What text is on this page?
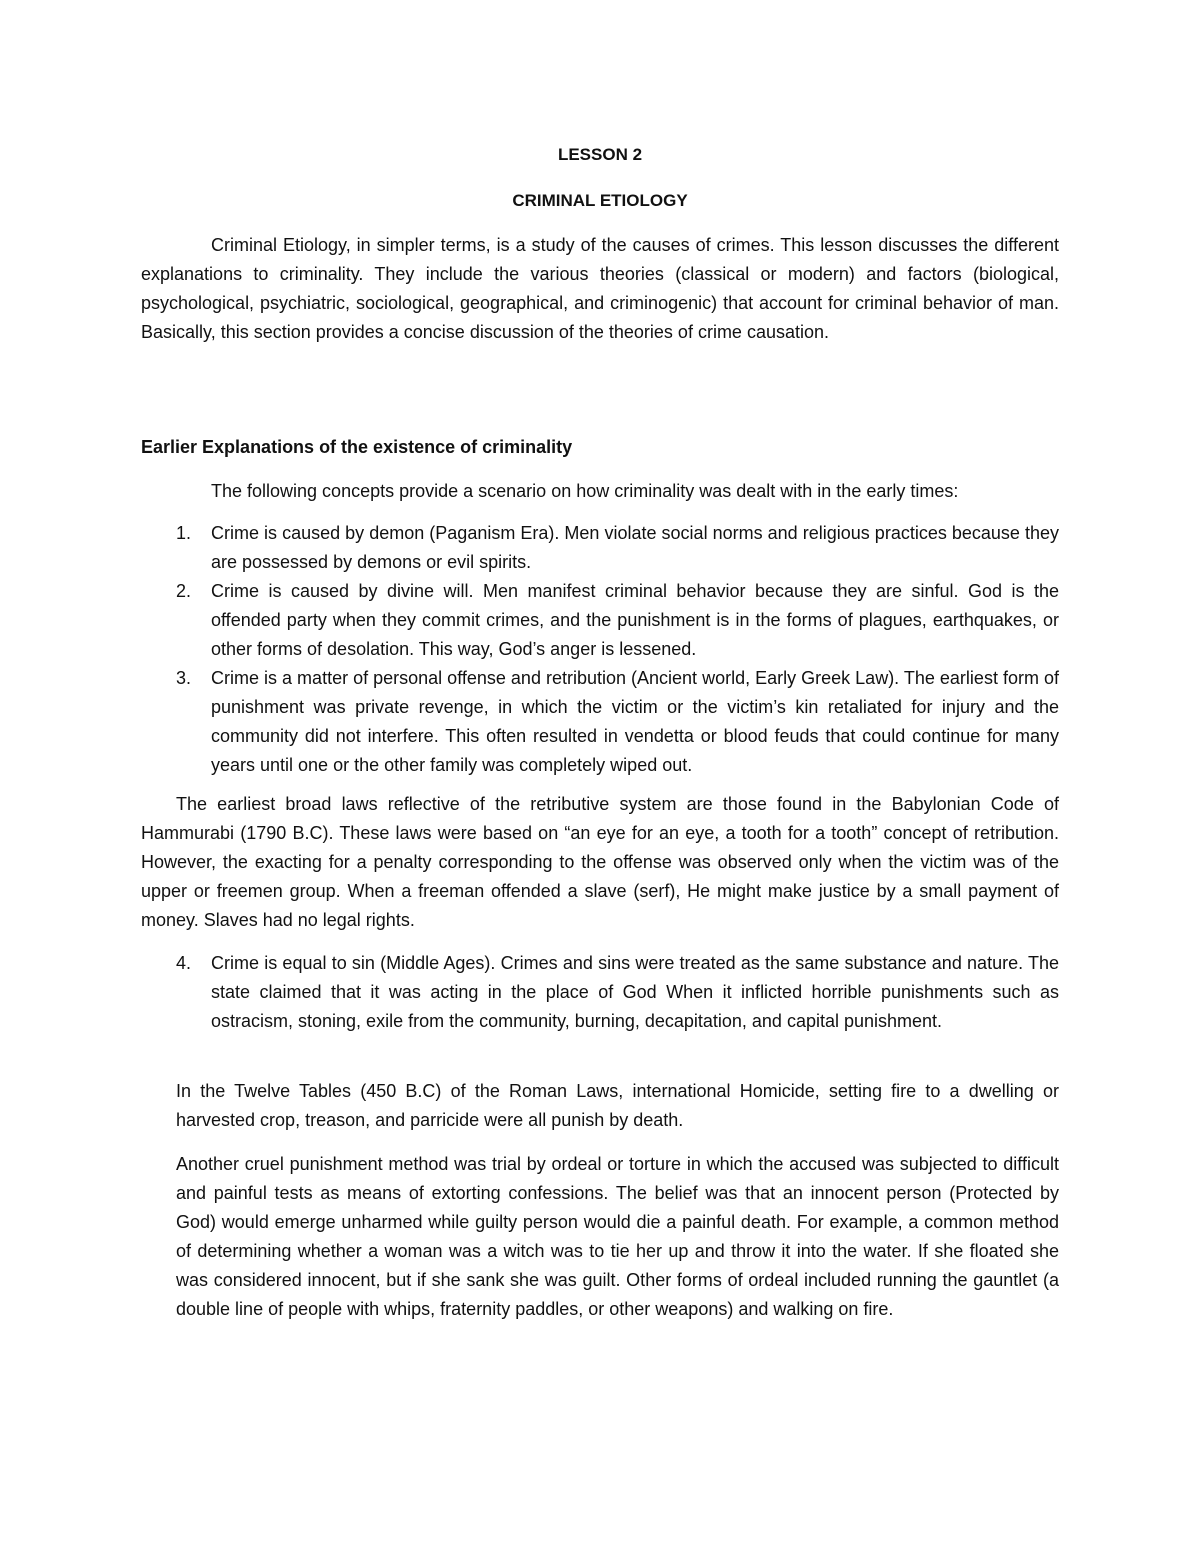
LESSON 2
CRIMINAL ETIOLOGY

Criminal Etiology, in simpler terms, is a study of the causes of crimes. This lesson discusses the different explanations to criminality. They include the various theories (classical or modern) and factors (biological, psychological, psychiatric, sociological, geographical, and criminogenic) that account for criminal behavior of man. Basically, this section provides a concise discussion of the theories of crime causation.

Earlier Explanations of the existence of criminality
The following concepts provide a scenario on how criminality was dealt with in the early times:
1. Crime is caused by demon (Paganism Era). Men violate social norms and religious practices because they are possessed by demons or evil spirits.
2. Crime is caused by divine will. Men manifest criminal behavior because they are sinful. God is the offended party when they commit crimes, and the punishment is in the forms of plagues, earthquakes, or other forms of desolation. This way, God’s anger is lessened.
3. Crime is a matter of personal offense and retribution (Ancient world, Early Greek Law). The earliest form of punishment was private revenge, in which the victim or the victim’s kin retaliated for injury and the community did not interfere. This often resulted in vendetta or blood feuds that could continue for many years until one or the other family was completely wiped out.

The earliest broad laws reflective of the retributive system are those found in the Babylonian Code of Hammurabi (1790 B.C). These laws were based on “an eye for an eye, a tooth for a tooth” concept of retribution. However, the exacting for a penalty corresponding to the offense was observed only when the victim was of the upper or freemen group. When a freeman offended a slave (serf), He might make justice by a small payment of money. Slaves had no legal rights.

4. Crime is equal to sin (Middle Ages). Crimes and sins were treated as the same substance and nature. The state claimed that it was acting in the place of God When it inflicted horrible punishments such as ostracism, stoning, exile from the community, burning, decapitation, and capital punishment.

In the Twelve Tables (450 B.C) of the Roman Laws, international Homicide, setting fire to a dwelling or harvested crop, treason, and parricide were all punish by death.

Another cruel punishment method was trial by ordeal or torture in which the accused was subjected to difficult and painful tests as means of extorting confessions. The belief was that an innocent person (Protected by God) would emerge unharmed while guilty person would die a painful death. For example, a common method of determining whether a woman was a witch was to tie her up and throw it into the water. If she floated she was considered innocent, but if she sank she was guilt. Other forms of ordeal included running the gauntlet (a double line of people with whips, fraternity paddles, or other weapons) and walking on fire.
